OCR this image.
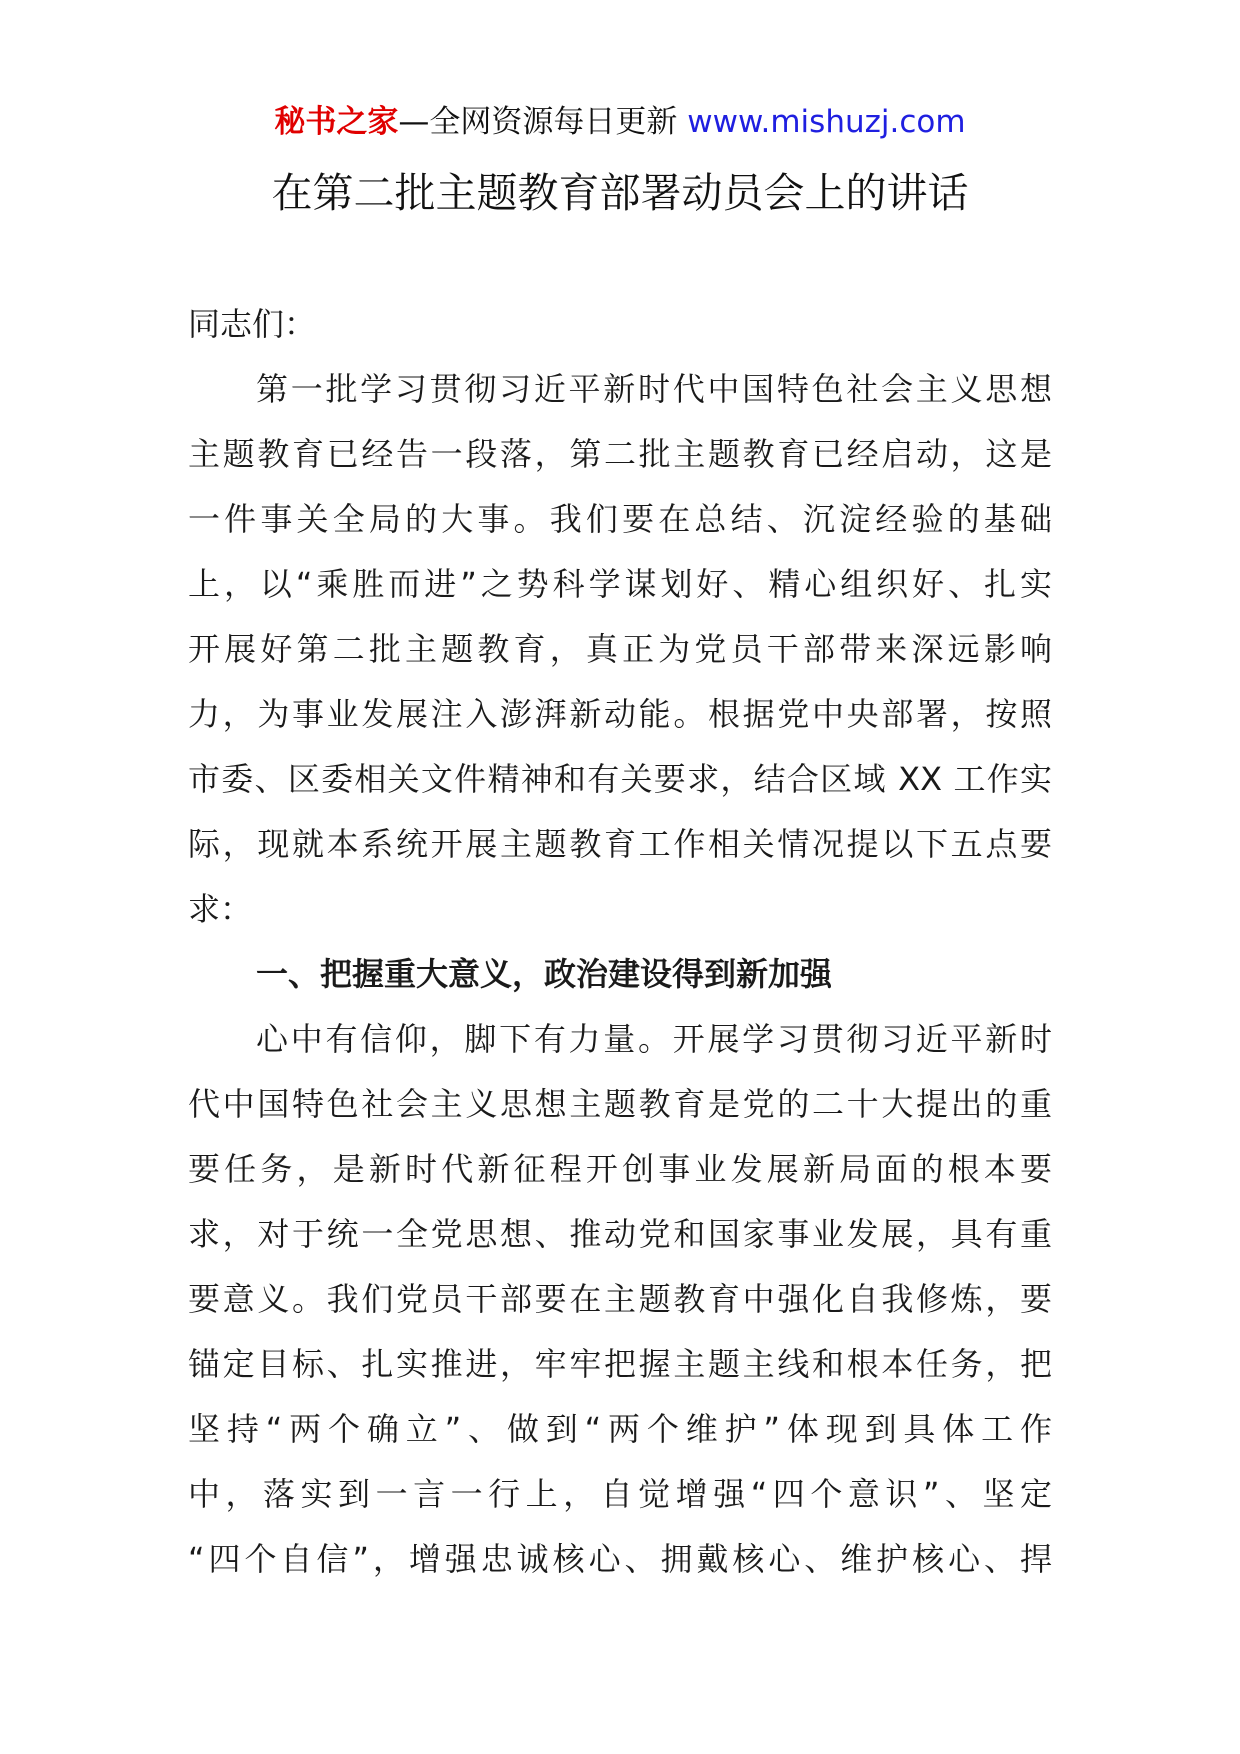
秘书之家—全网资源每日更新 www.mishuzj.com
在第二批主题教育部署动员会上的讲话
同志们：
第一批学习贯彻习近平新时代中国特色社会主义思想
主题教育已经告一段落，第二批主题教育已经启动，这是
一件事关全局的大事。我们要在总结、沉淀经验的基础
上，以“乘胜而进”之势科学谋划好、精心组织好、扎实
开展好第二批主题教育，真正为党员干部带来深远影响
力，为事业发展注入澎湃新动能。根据党中央部署，按照
市委、区委相关文件精神和有关要求，结合区域 XX 工作实
际，现就本系统开展主题教育工作相关情况提以下五点要
求：
一、把握重大意义，政治建设得到新加强
心中有信仰，脚下有力量。开展学习贯彻习近平新时
代中国特色社会主义思想主题教育是党的二十大提出的重
要任务，是新时代新征程开创事业发展新局面的根本要
求，对于统一全党思想、推动党和国家事业发展，具有重
要意义。我们党员干部要在主题教育中强化自我修炼，要
锚定目标、扎实推进，牢牢把握主题主线和根本任务，把
坚持“两个确立”、做到“两个维护”体现到具体工作
中，落实到一言一行上，自觉增强“四个意识”、坚定
“四个自信”，增强忠诚核心、拥戴核心、维护核心、捍
